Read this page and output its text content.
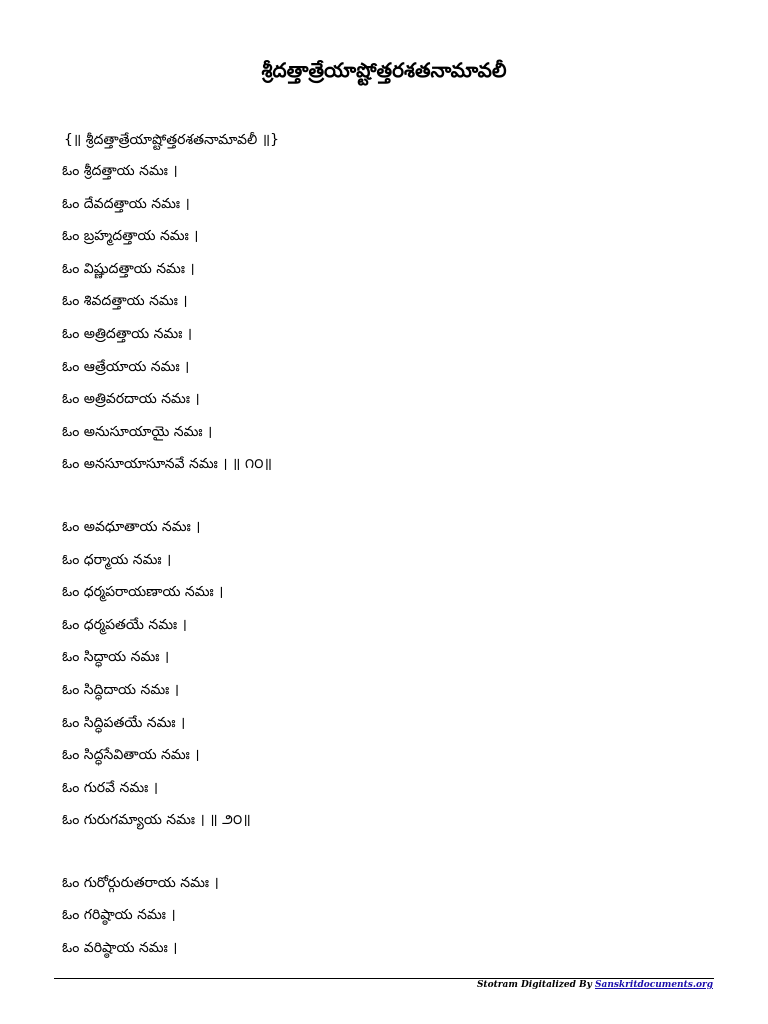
శ్రీదత్తాత్రేయాష్టోత్తరశతనామావలీ
{॥ శ్రీదత్తాత్రేయాష్టోత్తరశతనామావలీ ॥}
ఓం శ్రీదత్తాయ నమః ।
ఓం దేవదత్తాయ నమః ।
ఓం బ్రహ్మదత్తాయ నమః ।
ఓం విష్ణుదత్తాయ నమః ।
ఓం శివదత్తాయ నమః ।
ఓం అత్రిదత్తాయ నమః ।
ఓం ఆత్రేయాయ నమః ।
ఓం అత్రివరదాయ నమః ।
ఓం అనుసూయాయై నమః ।
ఓం అనసూయాసూనవే నమః । ॥ ౧౦॥
ఓం అవధూతాయ నమః ।
ఓం ధర్మాయ నమః ।
ఓం ధర్మపరాయణాయ నమః ।
ఓం ధర్మపతయే నమః ।
ఓం సిద్ధాయ నమః ।
ఓం సిద్ధిదాయ నమః ।
ఓం సిద్ధిపతయే నమః ।
ఓం సిద్ధసేవితాయ నమః ।
ఓం గురవే నమః ।
ఓం గురుగమ్యాయ నమః । ॥ ౨౦॥
ఓం గురోర్గురుతరాయ నమః ।
ఓం గరిష్ఠాయ నమః ।
ఓం వరిష్ఠాయ నమః ।
Stotram Digitalized By Sanskritdocuments.org
